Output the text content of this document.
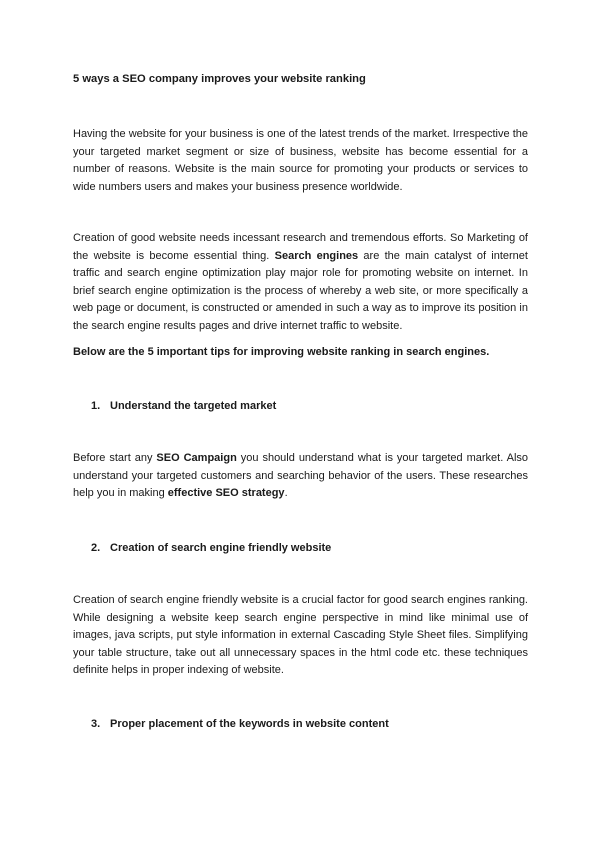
5 ways a SEO company improves your website ranking

Having the website for your business is one of the latest trends of the market. Irrespective the your targeted market segment or size of business, website has become essential for a number of reasons. Website is the main source for promoting your products or services to wide numbers users and makes your business presence worldwide.

Creation of good website needs incessant research and tremendous efforts. So Marketing of the website is become essential thing. Search engines are the main catalyst of internet traffic and search engine optimization play major role for promoting website on internet. In brief search engine optimization is the process of whereby a web site, or more specifically a web page or document, is constructed or amended in such a way as to improve its position in the search engine results pages and drive internet traffic to website.

Below are the 5 important tips for improving website ranking in search engines.
1. Understand the targeted market

Before start any SEO Campaign you should understand what is your targeted market. Also understand your targeted customers and searching behavior of the users. These researches help you in making effective SEO strategy.

2. Creation of search engine friendly website

Creation of search engine friendly website is a crucial factor for good search engines ranking. While designing a website keep search engine perspective in mind like minimal use of images, java scripts, put style information in external Cascading Style Sheet files. Simplifying your table structure, take out all unnecessary spaces in the html code etc. these techniques definite helps in proper indexing of website.

3. Proper placement of the keywords in website content
